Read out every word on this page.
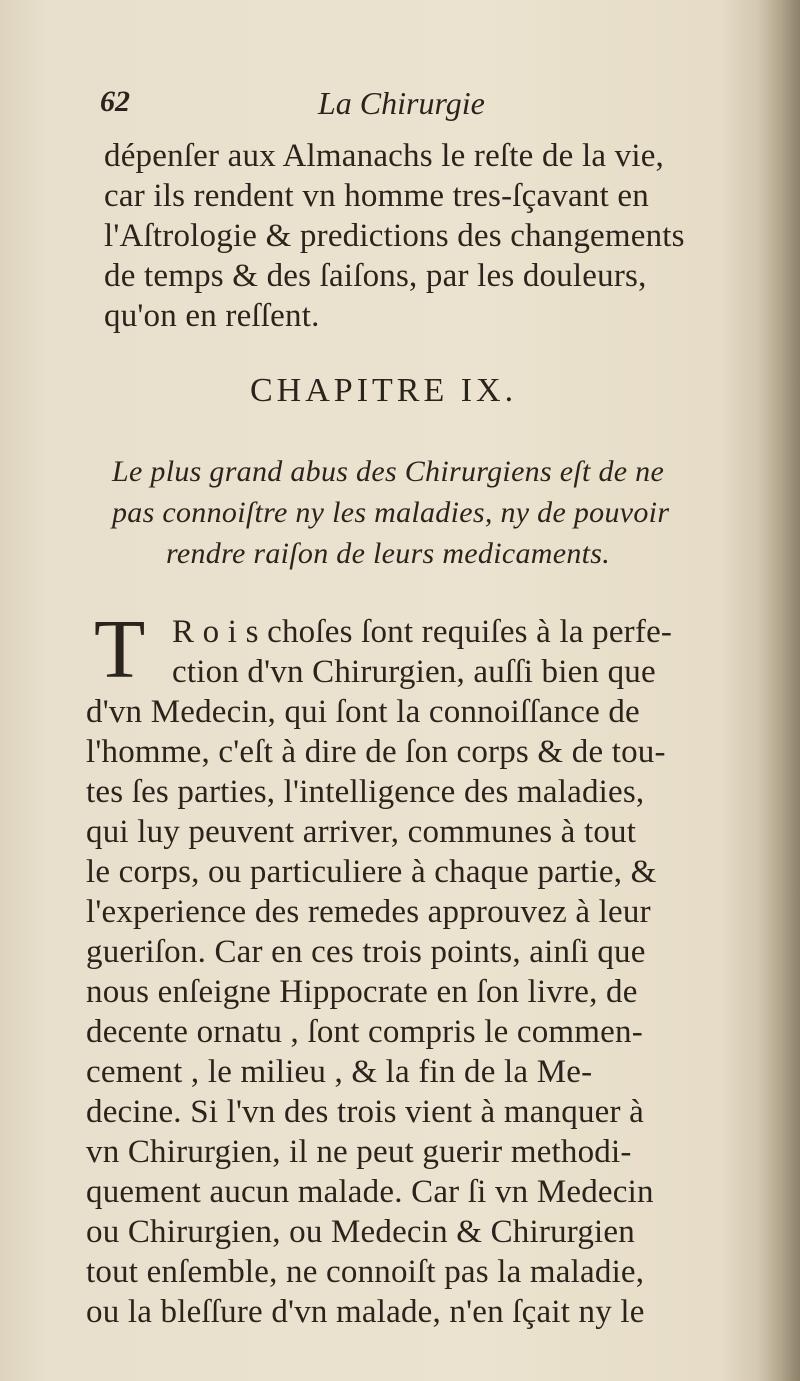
62	La Chirurgie
dépenſer aux Almanachs le reſte de la vie,
car ils rendent vn homme tres-ſçavant en
l'Aſtrologie & predictions des changements
de temps & des ſaiſons, par les douleurs,
qu'on en reſſent.
CHAPITRE IX.
Le plus grand abus des Chirurgiens eſt de ne
pas connoiſtre ny les maladies, ny de pouvoir
rendre raiſon de leurs medicaments.
T R o i s choſes ſont requiſes à la perfe-
ction d'vn Chirurgien, auſſi bien que
d'vn Medecin, qui ſont la connoiſſance de
l'homme, c'eſt à dire de ſon corps & de tou-
tes ſes parties, l'intelligence des maladies,
qui luy peuvent arriver, communes à tout
le corps, ou particuliere à chaque partie, &
l'experience des remedes approuvez à leur
gueriſon. Car en ces trois points, ainſi que
nous enſeigne Hippocrate en ſon livre, de
decente ornatu , ſont compris le commen-
cement , le milieu , & la fin de la Me-
decine. Si l'vn des trois vient à manquer à
vn Chirurgien, il ne peut guerir methodi-
quement aucun malade. Car ſi vn Medecin
ou Chirurgien, ou Medecin & Chirurgien
tout enſemble, ne connoiſt pas la maladie,
ou la bleſſure d'vn malade, n'en ſçait ny le
